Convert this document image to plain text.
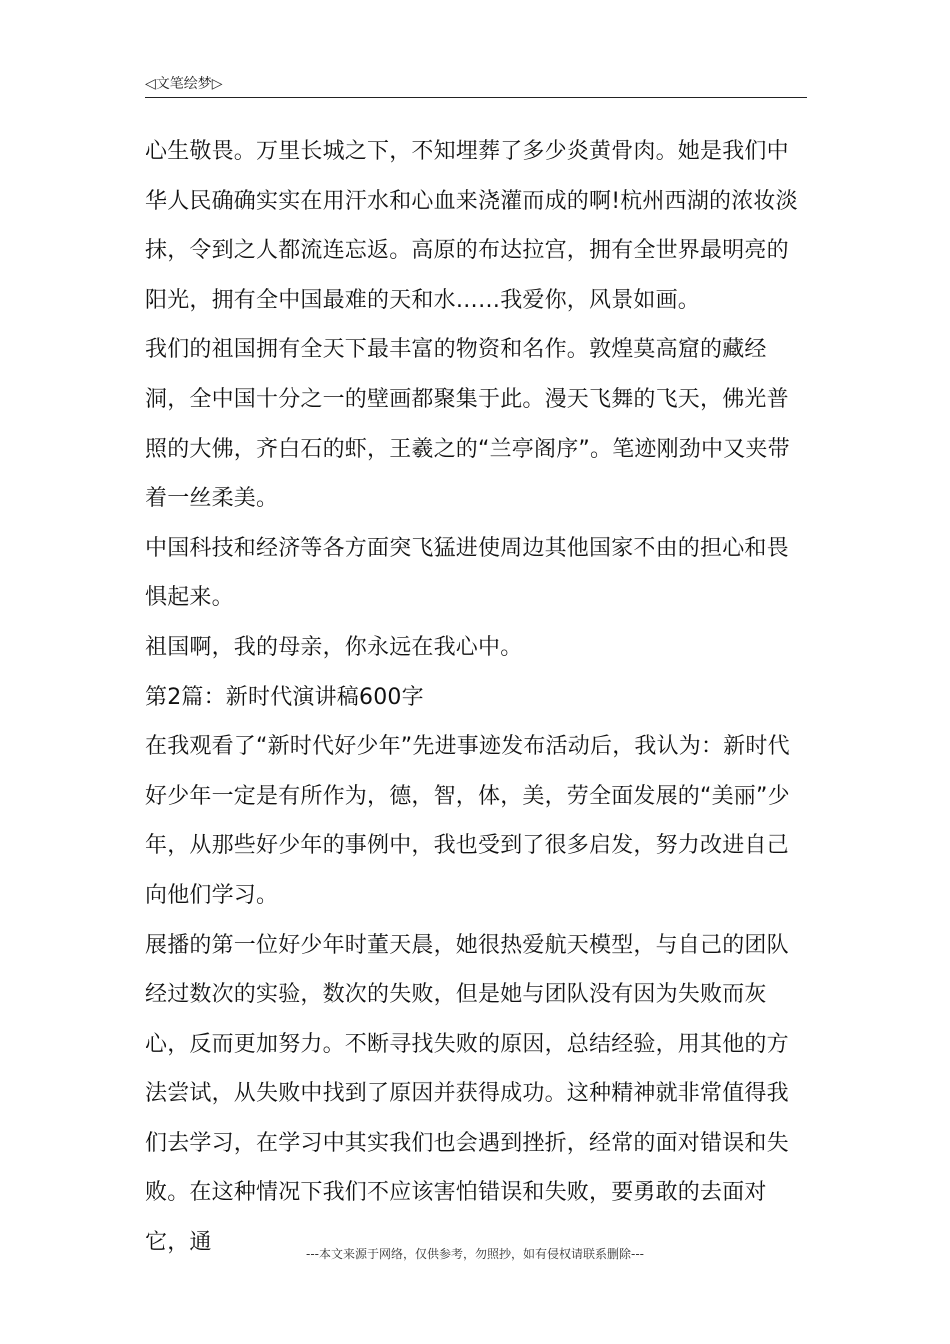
◁文笔绘梦▷

心生敬畏。万里长城之下，不知埋葬了多少炎黄骨肉。她是我们中华人民确确实实在用汗水和心血来浇灌而成的啊!杭州西湖的浓妆淡抹，令到之人都流连忘返。高原的布达拉宫，拥有全世界最明亮的阳光，拥有全中国最难的天和水……我爱你，风景如画。

我们的祖国拥有全天下最丰富的物资和名作。敦煌莫高窟的藏经洞，全中国十分之一的壁画都聚集于此。漫天飞舞的飞天，佛光普照的大佛，齐白石的虾，王羲之的“兰亭阁序”。笔迹刚劲中又夹带着一丝柔美。

中国科技和经济等各方面突飞猛进使周边其他国家不由的担心和畏惧起来。

祖国啊，我的母亲，你永远在我心中。

第2篇：新时代演讲稿600字

在我观看了“新时代好少年”先进事迹发布活动后，我认为：新时代好少年一定是有所作为，德，智，体，美，劳全面发展的“美丽”少年，从那些好少年的事例中，我也受到了很多启发，努力改进自己向他们学习。

展播的第一位好少年时董天晨，她很热爱航天模型，与自己的团队经过数次的实验，数次的失败，但是她与团队没有因为失败而灰心，反而更加努力。不断寻找失败的原因，总结经验，用其他的方法尝试，从失败中找到了原因并获得成功。这种精神就非常值得我们去学习，在学习中其实我们也会遇到挫折，经常的面对错误和失败。在这种情况下我们不应该害怕错误和失败，要勇敢的去面对它，通	---本文来源于网络，仅供参考，勿照抄，如有侵权请联系删除---
